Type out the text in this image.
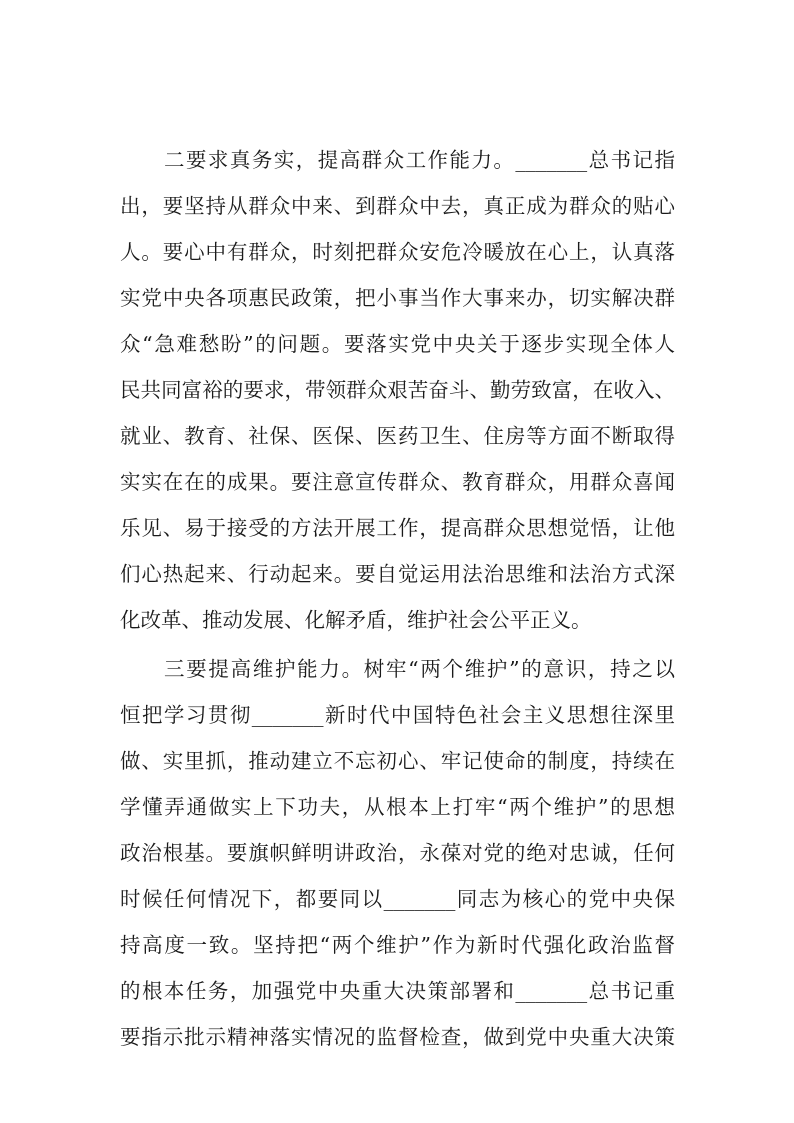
二要求真务实，提高群众工作能力。_______总书记指
出，要坚持从群众中来、到群众中去，真正成为群众的贴心
人。要心中有群众，时刻把群众安危冷暖放在心上，认真落
实党中央各项惠民政策，把小事当作大事来办，切实解决群
众“急难愁盼”的问题。要落实党中央关于逐步实现全体人
民共同富裕的要求，带领群众艰苦奋斗、勤劳致富，在收入、
就业、教育、社保、医保、医药卫生、住房等方面不断取得
实实在在的成果。要注意宣传群众、教育群众，用群众喜闻
乐见、易于接受的方法开展工作，提高群众思想觉悟，让他
们心热起来、行动起来。要自觉运用法治思维和法治方式深
化改革、推动发展、化解矛盾，维护社会公平正义。
三要提高维护能力。树牢“两个维护”的意识，持之以
恒把学习贯彻_______新时代中国特色社会主义思想往深里
做、实里抓，推动建立不忘初心、牢记使命的制度，持续在
学懂弄通做实上下功夫，从根本上打牢“两个维护”的思想
政治根基。要旗帜鲜明讲政治，永葆对党的绝对忠诚，任何
时候任何情况下，都要同以_______同志为核心的党中央保
持高度一致。坚持把“两个维护”作为新时代强化政治监督
的根本任务，加强党中央重大决策部署和_______总书记重
要指示批示精神落实情况的监督检查，做到党中央重大决策
